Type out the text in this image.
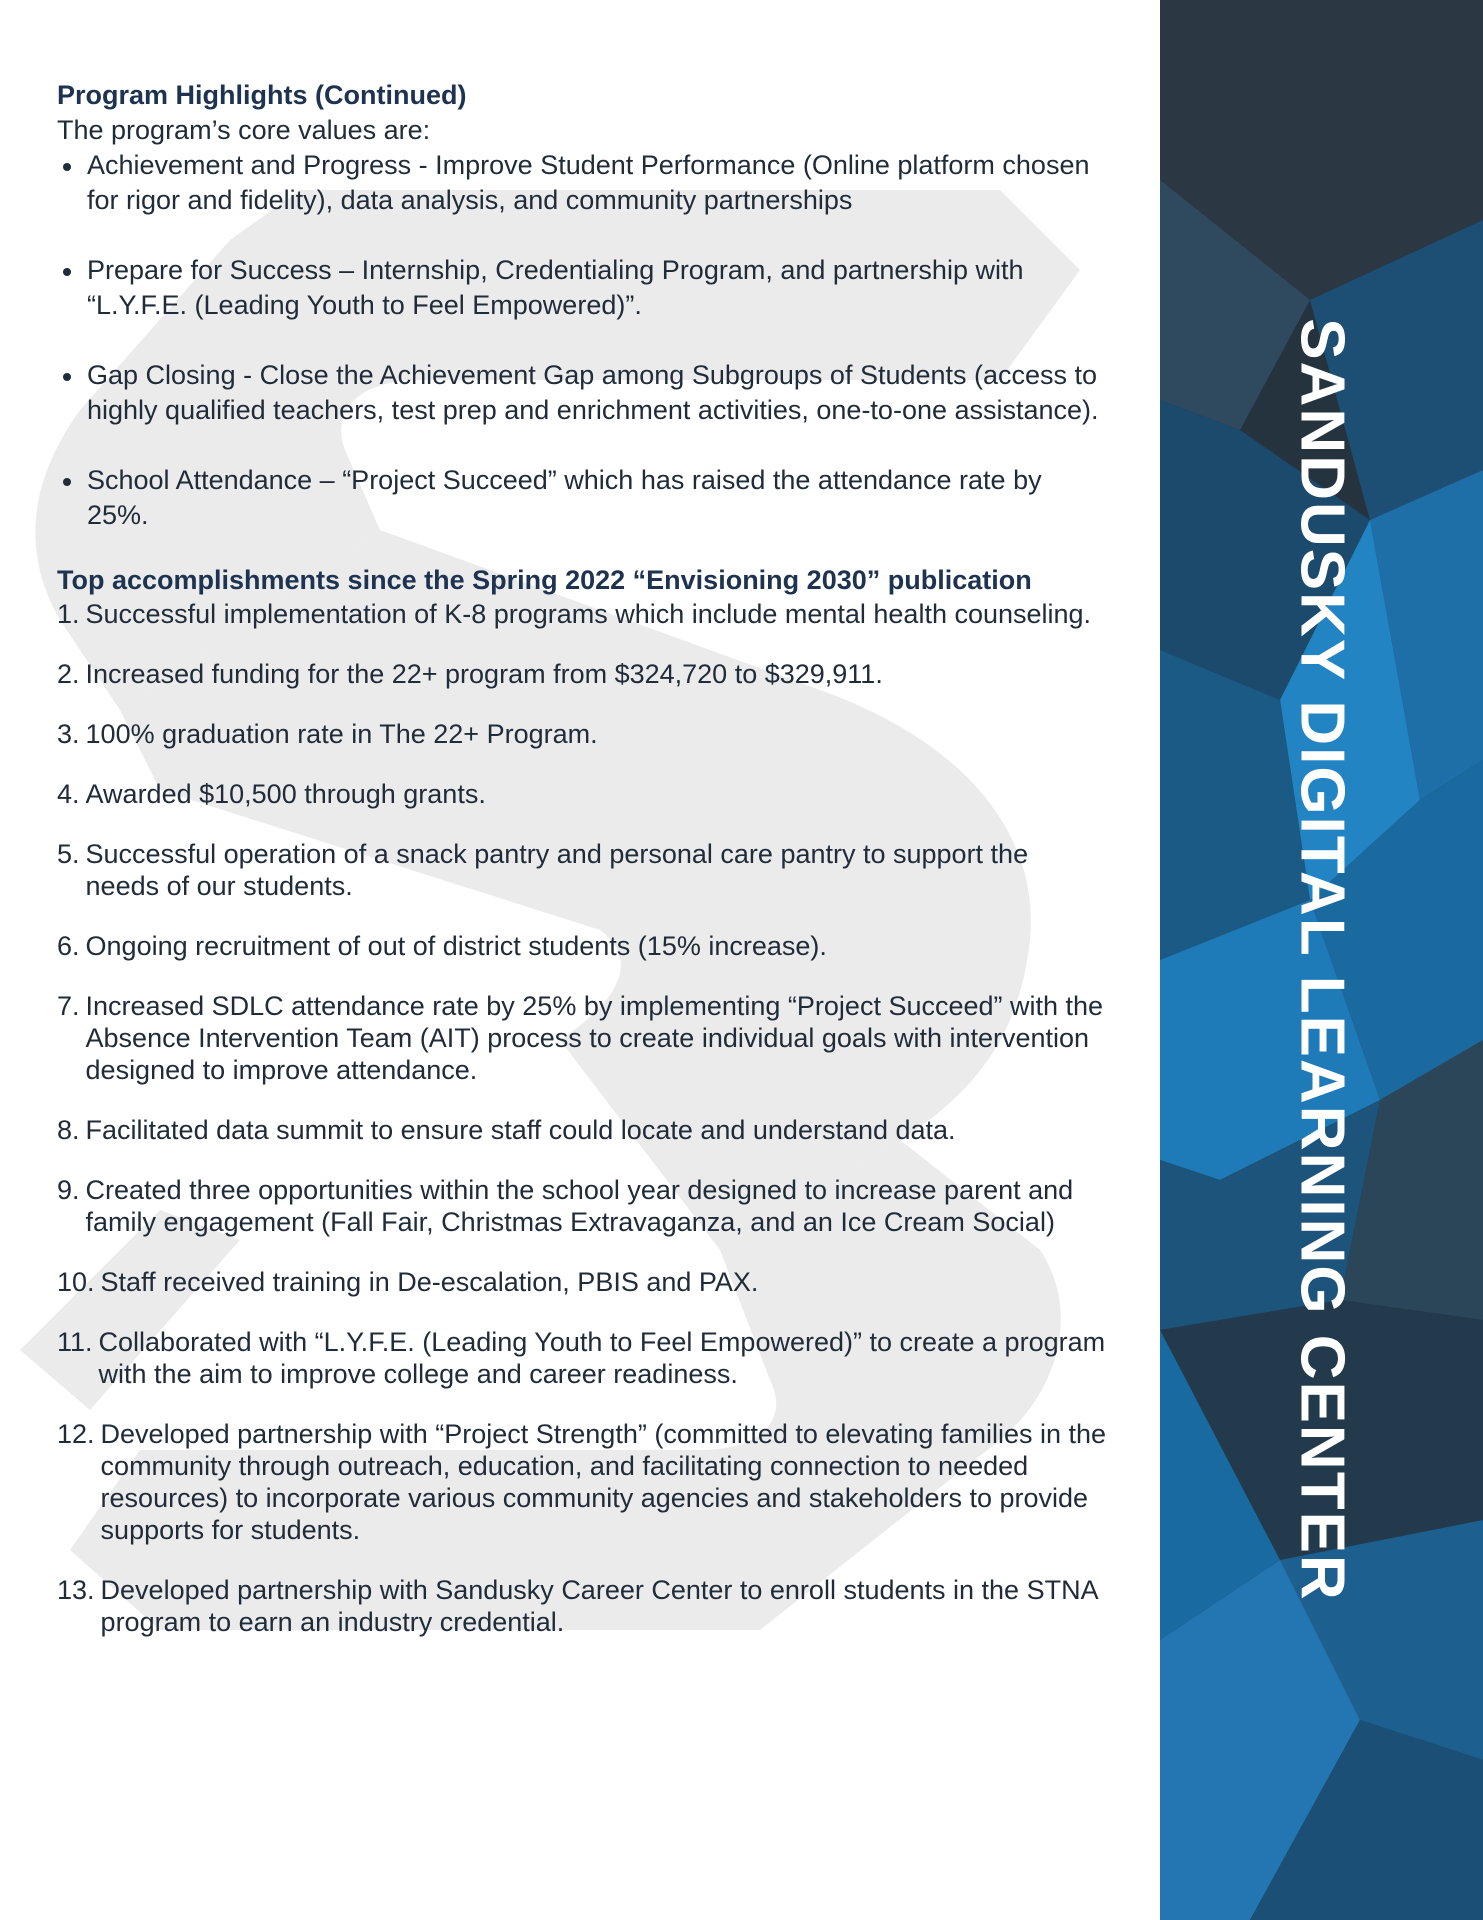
SANDUSKY DIGITAL LEARNING CENTER

Program Highlights (Continued)

The program’s core values are:

Achievement and Progress - Improve Student Performance (Online platform chosen for rigor and fidelity), data analysis, and community partnerships
Prepare for Success – Internship, Credentialing Program, and partnership with “L.Y.F.E. (Leading Youth to Feel Empowered)”.
Gap Closing - Close the Achievement Gap among Subgroups of Students (access to highly qualified teachers, test prep and enrichment activities, one-to-one assistance).
School Attendance – “Project Succeed” which has raised the attendance rate by 25%.

Top accomplishments since the Spring 2022 “Envisioning 2030” publication

1. Successful implementation of K-8 programs which include mental health counseling.
2. Increased funding for the 22+ program from $324,720 to $329,911.
3. 100% graduation rate in The 22+ Program.
4. Awarded $10,500 through grants.
5. Successful operation of a snack pantry and personal care pantry to support the needs of our students.
6. Ongoing recruitment of out of district students (15% increase).
7. Increased SDLC attendance rate by 25% by implementing “Project Succeed” with the Absence Intervention Team (AIT) process to create individual goals with intervention designed to improve attendance.
8. Facilitated data summit to ensure staff could locate and understand data.
9. Created three opportunities within the school year designed to increase parent and family engagement (Fall Fair, Christmas Extravaganza, and an Ice Cream Social)
10. Staff received training in De-escalation, PBIS and PAX.
11. Collaborated with “L.Y.F.E. (Leading Youth to Feel Empowered)” to create a program with the aim to improve college and career readiness.
12. Developed partnership with “Project Strength” (committed to elevating families in the community through outreach, education, and facilitating connection to needed resources) to incorporate various community agencies and stakeholders to provide supports for students.
13. Developed partnership with Sandusky Career Center to enroll students in the STNA program to earn an industry credential.
